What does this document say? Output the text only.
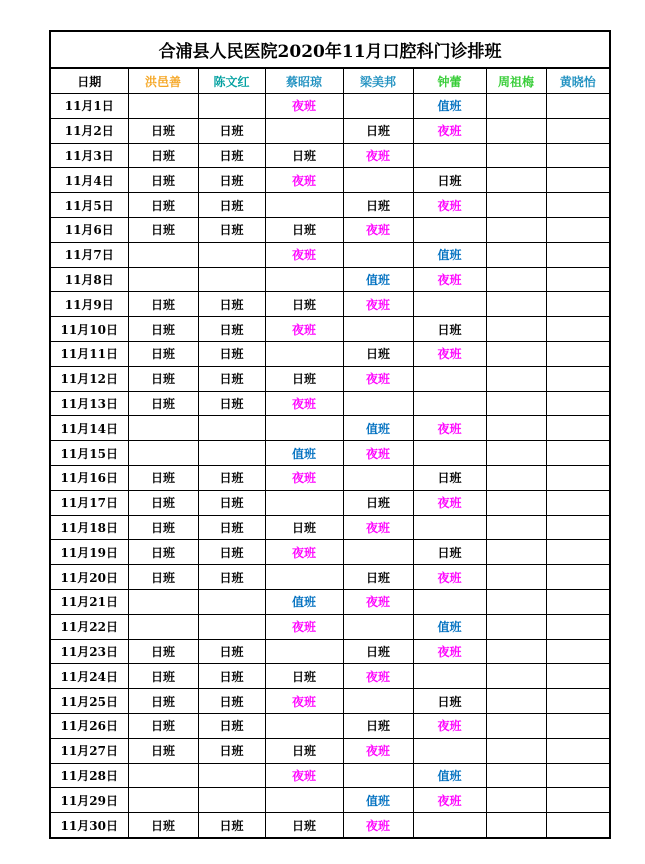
合浦县人民医院2020年11月口腔科门诊排班							
日期	洪邑善	陈文红	蔡昭琼	梁美邦	钟蕾	周祖梅	黄晓怡
11月1日			夜班		值班		
11月2日	日班	日班		日班	夜班		
11月3日	日班	日班	日班	夜班			
11月4日	日班	日班	夜班		日班		
11月5日	日班	日班		日班	夜班		
11月6日	日班	日班	日班	夜班			
11月7日			夜班		值班		
11月8日				值班	夜班		
11月9日	日班	日班	日班	夜班			
11月10日	日班	日班	夜班		日班		
11月11日	日班	日班		日班	夜班		
11月12日	日班	日班	日班	夜班			
11月13日	日班	日班	夜班				
11月14日				值班	夜班		
11月15日			值班	夜班			
11月16日	日班	日班	夜班		日班		
11月17日	日班	日班		日班	夜班		
11月18日	日班	日班	日班	夜班			
11月19日	日班	日班	夜班		日班		
11月20日	日班	日班		日班	夜班		
11月21日			值班	夜班			
11月22日			夜班		值班		
11月23日	日班	日班		日班	夜班		
11月24日	日班	日班	日班	夜班			
11月25日	日班	日班	夜班		日班		
11月26日	日班	日班		日班	夜班		
11月27日	日班	日班	日班	夜班			
11月28日			夜班		值班		
11月29日				值班	夜班		
11月30日	日班	日班	日班	夜班			
